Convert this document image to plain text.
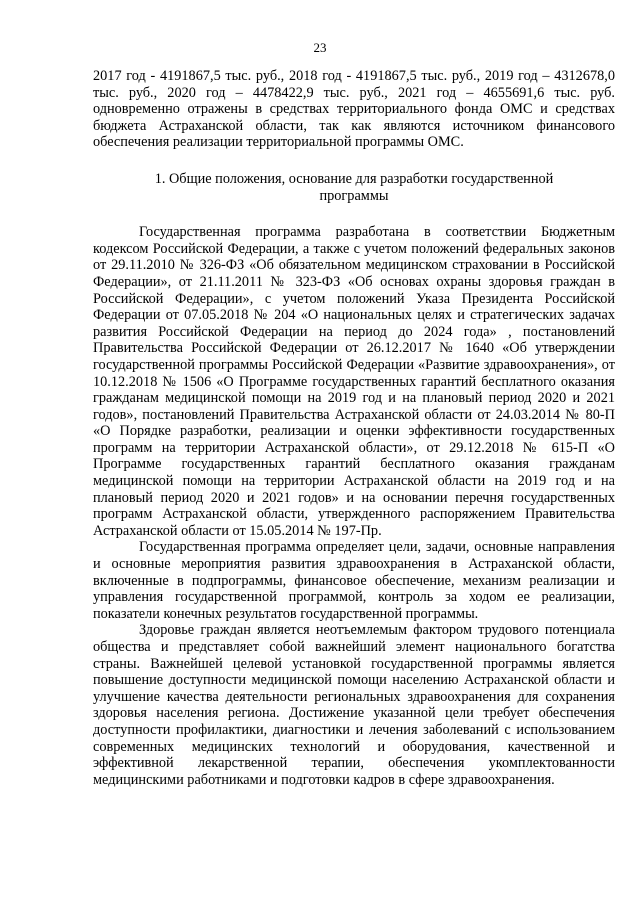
23

2017 год - 4191867,5 тыс. руб., 2018 год - 4191867,5 тыс. руб., 2019 год – 4312678,0 тыс. руб., 2020 год – 4478422,9 тыс. руб., 2021 год – 4655691,6 тыс. руб. одновременно отражены в средствах территориального фонда ОМС и средствах бюджета Астраханской области, так как являются источником финансового обеспечения реализации территориальной программы ОМС.

1. Общие положения, основание для разработки государственной программы

Государственная программа разработана в соответствии Бюджетным кодексом Российской Федерации, а также с учетом положений федеральных законов от 29.11.2010 № 326-ФЗ «Об обязательном медицинском страховании в Российской Федерации», от 21.11.2011 № 323-ФЗ «Об основах охраны здоровья граждан в Российской Федерации», с учетом положений Указа Президента Российской Федерации от 07.05.2018 № 204 «О национальных целях и стратегических задачах развития Российской Федерации на период до 2024 года» , постановлений Правительства Российской Федерации от 26.12.2017 № 1640 «Об утверждении государственной программы Российской Федерации «Развитие здравоохранения», от 10.12.2018 № 1506 «О Программе государственных гарантий бесплатного оказания гражданам медицинской помощи на 2019 год и на плановый период 2020 и 2021 годов», постановлений Правительства Астраханской области от 24.03.2014 № 80-П «О Порядке разработки, реализации и оценки эффективности государственных программ на территории Астраханской области», от 29.12.2018 № 615-П «О Программе государственных гарантий бесплатного оказания гражданам медицинской помощи на территории Астраханской области на 2019 год и на плановый период 2020 и 2021 годов» и на основании перечня государственных программ Астраханской области, утвержденного распоряжением Правительства Астраханской области от 15.05.2014 № 197-Пр.

Государственная программа определяет цели, задачи, основные направления и основные мероприятия развития здравоохранения в Астраханской области, включенные в подпрограммы, финансовое обеспечение, механизм реализации и управления государственной программой, контроль за ходом ее реализации, показатели конечных результатов государственной программы.

Здоровье граждан является неотъемлемым фактором трудового потенциала общества и представляет собой важнейший элемент национального богатства страны. Важнейшей целевой установкой государственной программы является повышение доступности медицинской помощи населению Астраханской области и улучшение качества деятельности региональных здравоохранения для сохранения здоровья населения региона. Достижение указанной цели требует обеспечения доступности профилактики, диагностики и лечения заболеваний с использованием современных медицинских технологий и оборудования, качественной и эффективной лекарственной терапии, обеспечения укомплектованности медицинскими работниками и подготовки кадров в сфере здравоохранения.
